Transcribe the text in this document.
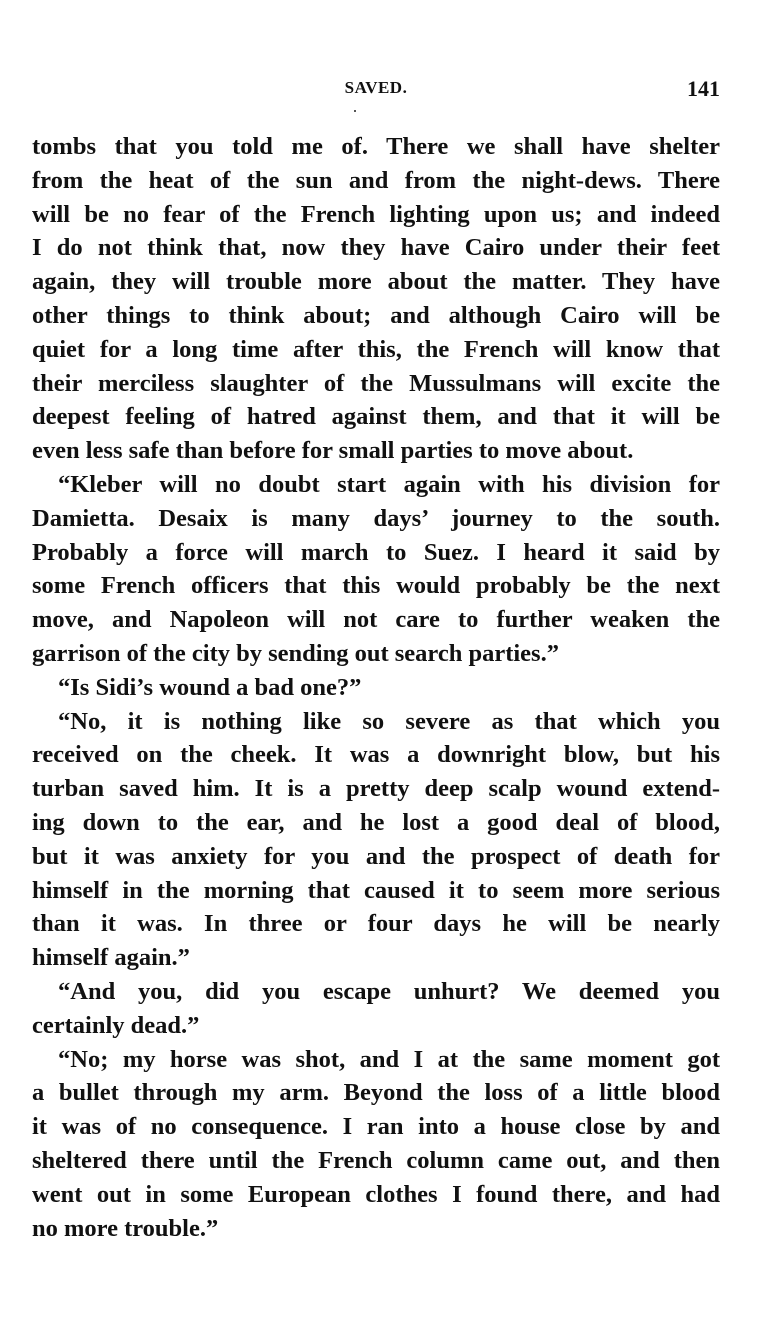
SAVED.	141
tombs that you told me of. There we shall have shelter
from the heat of the sun and from the night-dews. There
will be no fear of the French lighting upon us; and indeed
I do not think that, now they have Cairo under their feet
again, they will trouble more about the matter. They have
other things to think about; and although Cairo will be
quiet for a long time after this, the French will know that
their merciless slaughter of the Mussulmans will excite the
deepest feeling of hatred against them, and that it will be
even less safe than before for small parties to move about.
“Kleber will no doubt start again with his division for
Damietta. Desaix is many days’ journey to the south.
Probably a force will march to Suez. I heard it said by
some French officers that this would probably be the next
move, and Napoleon will not care to further weaken the
garrison of the city by sending out search parties.”
“Is Sidi’s wound a bad one?”
“No, it is nothing like so severe as that which you
received on the cheek. It was a downright blow, but his
turban saved him. It is a pretty deep scalp wound extend-
ing down to the ear, and he lost a good deal of blood,
but it was anxiety for you and the prospect of death for
himself in the morning that caused it to seem more serious
than it was. In three or four days he will be nearly
himself again.”
“And you, did you escape unhurt? We deemed you
certainly dead.”
“No; my horse was shot, and I at the same moment got
a bullet through my arm. Beyond the loss of a little blood
it was of no consequence. I ran into a house close by and
sheltered there until the French column came out, and then
went out in some European clothes I found there, and had
no more trouble.”
